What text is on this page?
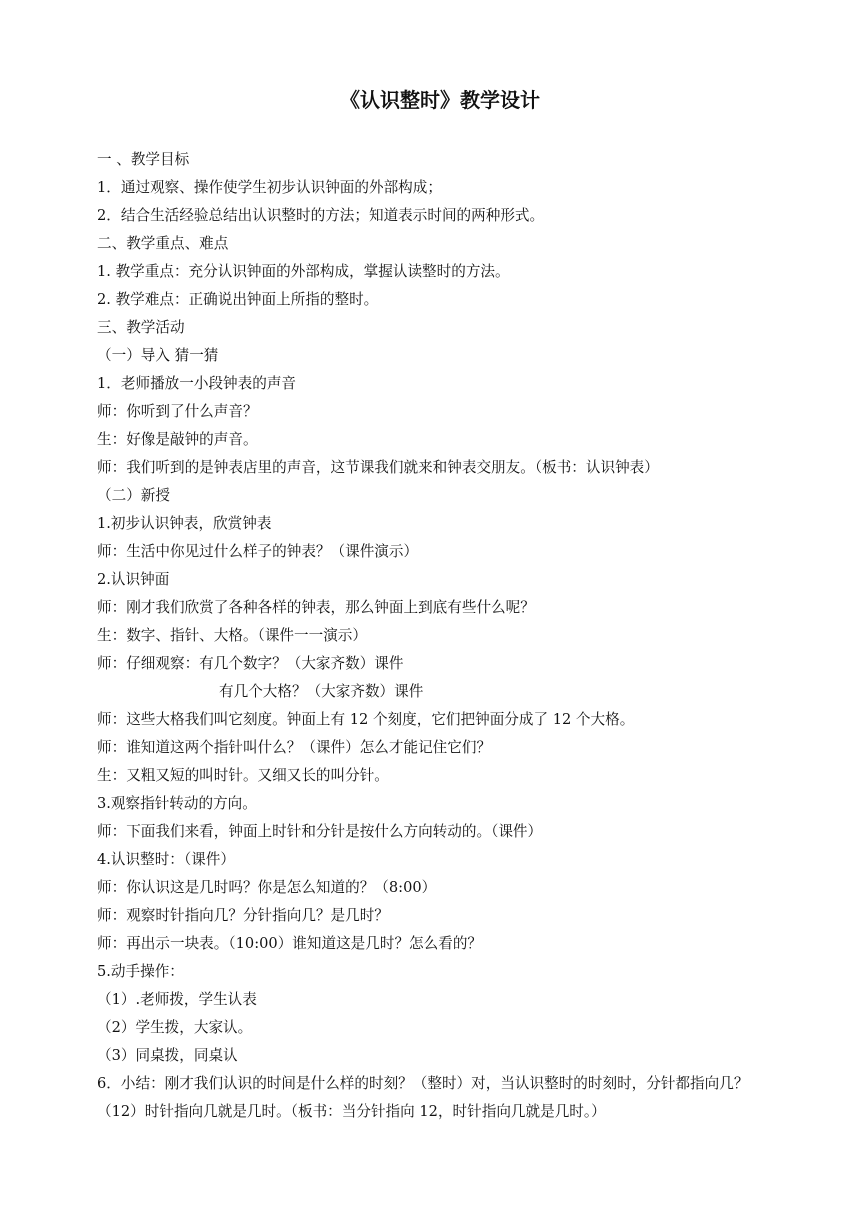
《认识整时》教学设计
一 、教学目标
1．通过观察、操作使学生初步认识钟面的外部构成；
2．结合生活经验总结出认识整时的方法；知道表示时间的两种形式。
二、教学重点、难点
1. 教学重点：充分认识钟面的外部构成，掌握认读整时的方法。
2. 教学难点：正确说出钟面上所指的整时。
三、教学活动
（一）导入 猜一猜
1．老师播放一小段钟表的声音
师：你听到了什么声音？
生：好像是敲钟的声音。
师：我们听到的是钟表店里的声音，这节课我们就来和钟表交朋友。（板书：认识钟表）
（二）新授
1.初步认识钟表，欣赏钟表
师：生活中你见过什么样子的钟表？（课件演示）
2.认识钟面
师：刚才我们欣赏了各种各样的钟表，那么钟面上到底有些什么呢？
生：数字、指针、大格。（课件一一演示）
师：仔细观察：有几个数字？（大家齐数）课件
有几个大格？（大家齐数）课件
师：这些大格我们叫它刻度。钟面上有 12 个刻度，它们把钟面分成了 12 个大格。
师：谁知道这两个指针叫什么？（课件）怎么才能记住它们？
生：又粗又短的叫时针。又细又长的叫分针。
3.观察指针转动的方向。
师：下面我们来看，钟面上时针和分针是按什么方向转动的。（课件）
4.认识整时：（课件）
师：你认识这是几时吗？你是怎么知道的？（8:00）
师：观察时针指向几？分针指向几？是几时？
师：再出示一块表。（10:00）谁知道这是几时？怎么看的？
5.动手操作：
（1）.老师拨，学生认表
（2）学生拨，大家认。
（3）同桌拨，同桌认
6．小结：刚才我们认识的时间是什么样的时刻？（整时）对，当认识整时的时刻时，分针都指向几？（12）时针指向几就是几时。（板书：当分针指向 12，时针指向几就是几时。）
